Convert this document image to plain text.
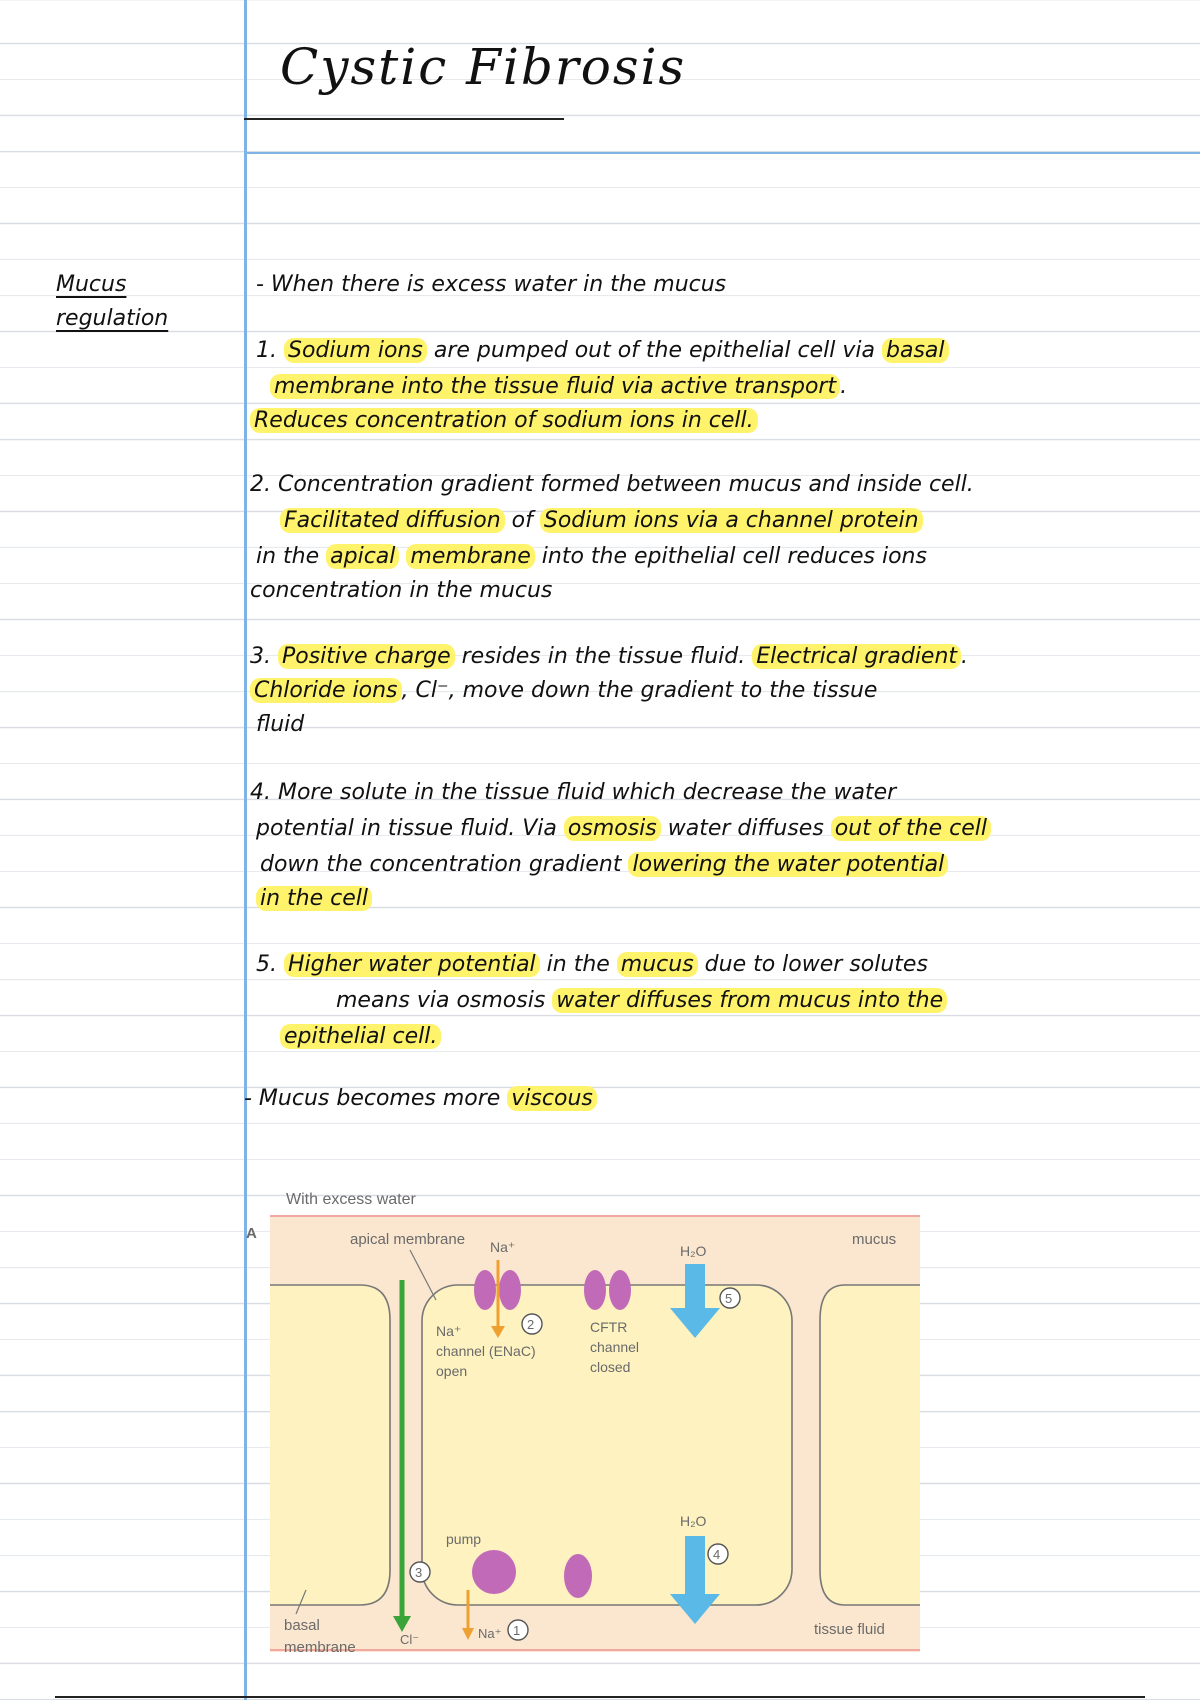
Cystic Fibrosis
Mucus
regulation
- When there is excess water in the mucus
1. Sodium ions are pumped out of the epithelial cell via basal
membrane into the tissue fluid via active transport .
Reduces concentration of sodium ions in cell.
2. Concentration gradient formed between mucus and inside cell.
Facilitated diffusion of Sodium ions via a channel protein
in the apical membrane into the epithelial cell reduces ions
concentration in the mucus
3. Positive charge resides in the tissue fluid. Electrical gradient .
Chloride ions , Cl⁻, move down the gradient to the tissue
fluid
4. More solute in the tissue fluid which decrease the water
potential in tissue fluid. Via osmosis water diffuses out of the cell
down the concentration gradient lowering the water potential
in the cell
5. Higher water potential in the mucus due to lower solutes
means via osmosis water diffuses from mucus into the
epithelial cell.
- Mucus becomes more viscous
With excess water
A	apical membrane	mucus
Na⁺
2
Na⁺ channel (ENaC) open
CFTR channel closed
H₂O
5
3
Cl⁻
pump
Na⁺ 1
H₂O
4
basal membrane
tissue fluid
